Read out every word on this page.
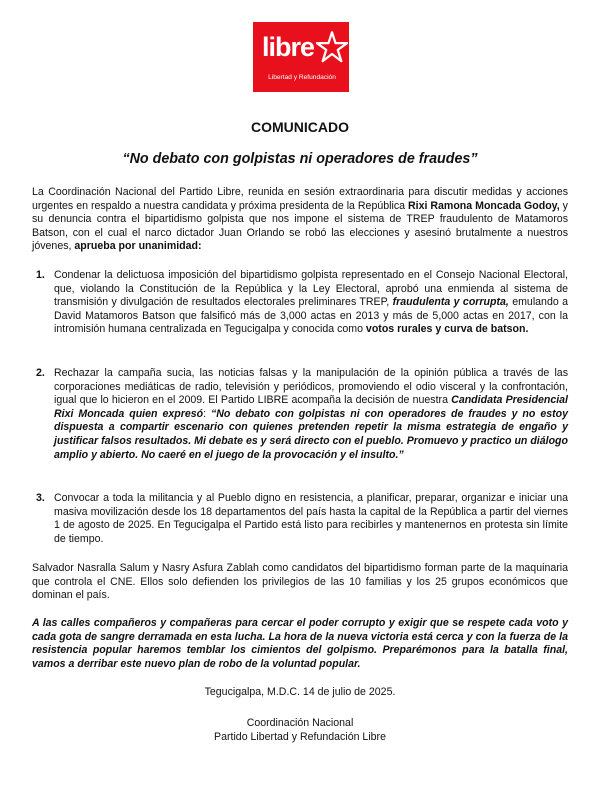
libre
Libertad y Refundación
COMUNICADO
“No debato con golpistas ni operadores de fraudes”

La Coordinación Nacional del Partido Libre, reunida en sesión extraordinaria para discutir medidas y acciones urgentes en respaldo a nuestra candidata y próxima presidenta de la República Rixi Ramona Moncada Godoy, y su denuncia contra el bipartidismo golpista que nos impone el sistema de TREP fraudulento de Matamoros Batson, con el cual el narco dictador Juan Orlando se robó las elecciones y asesinó brutalmente a nuestros jóvenes, aprueba por unanimidad:

1. Condenar la delictuosa imposición del bipartidismo golpista representado en el Consejo Nacional Electoral, que, violando la Constitución de la República y la Ley Electoral, aprobó una enmienda al sistema de transmisión y divulgación de resultados electorales preliminares TREP, fraudulenta y corrupta, emulando a David Matamoros Batson que falsificó más de 3,000 actas en 2013 y más de 5,000 actas en 2017, con la intromisión humana centralizada en Tegucigalpa y conocida como votos rurales y curva de batson.
2. Rechazar la campaña sucia, las noticias falsas y la manipulación de la opinión pública a través de las corporaciones mediáticas de radio, televisión y periódicos, promoviendo el odio visceral y la confrontación, igual que lo hicieron en el 2009. El Partido LIBRE acompaña la decisión de nuestra Candidata Presidencial Rixi Moncada quien expresó: “No debato con golpistas ni con operadores de fraudes y no estoy dispuesta a compartir escenario con quienes pretenden repetir la misma estrategia de engaño y justificar falsos resultados. Mi debate es y será directo con el pueblo. Promuevo y practico un diálogo amplio y abierto. No caeré en el juego de la provocación y el insulto.”
3. Convocar a toda la militancia y al Pueblo digno en resistencia, a planificar, preparar, organizar e iniciar una masiva movilización desde los 18 departamentos del país hasta la capital de la República a partir del viernes 1 de agosto de 2025. En Tegucigalpa el Partido está listo para recibirles y mantenernos en protesta sin límite de tiempo.

Salvador Nasralla Salum y Nasry Asfura Zablah como candidatos del bipartidismo forman parte de la maquinaria que controla el CNE. Ellos solo defienden los privilegios de las 10 familias y los 25 grupos económicos que dominan el país.

A las calles compañeros y compañeras para cercar el poder corrupto y exigir que se respete cada voto y cada gota de sangre derramada en esta lucha. La hora de la nueva victoria está cerca y con la fuerza de la resistencia popular haremos temblar los cimientos del golpismo. Preparémonos para la batalla final, vamos a derribar este nuevo plan de robo de la voluntad popular.

Tegucigalpa, M.D.C. 14 de julio de 2025.
Coordinación Nacional
Partido Libertad y Refundación Libre
